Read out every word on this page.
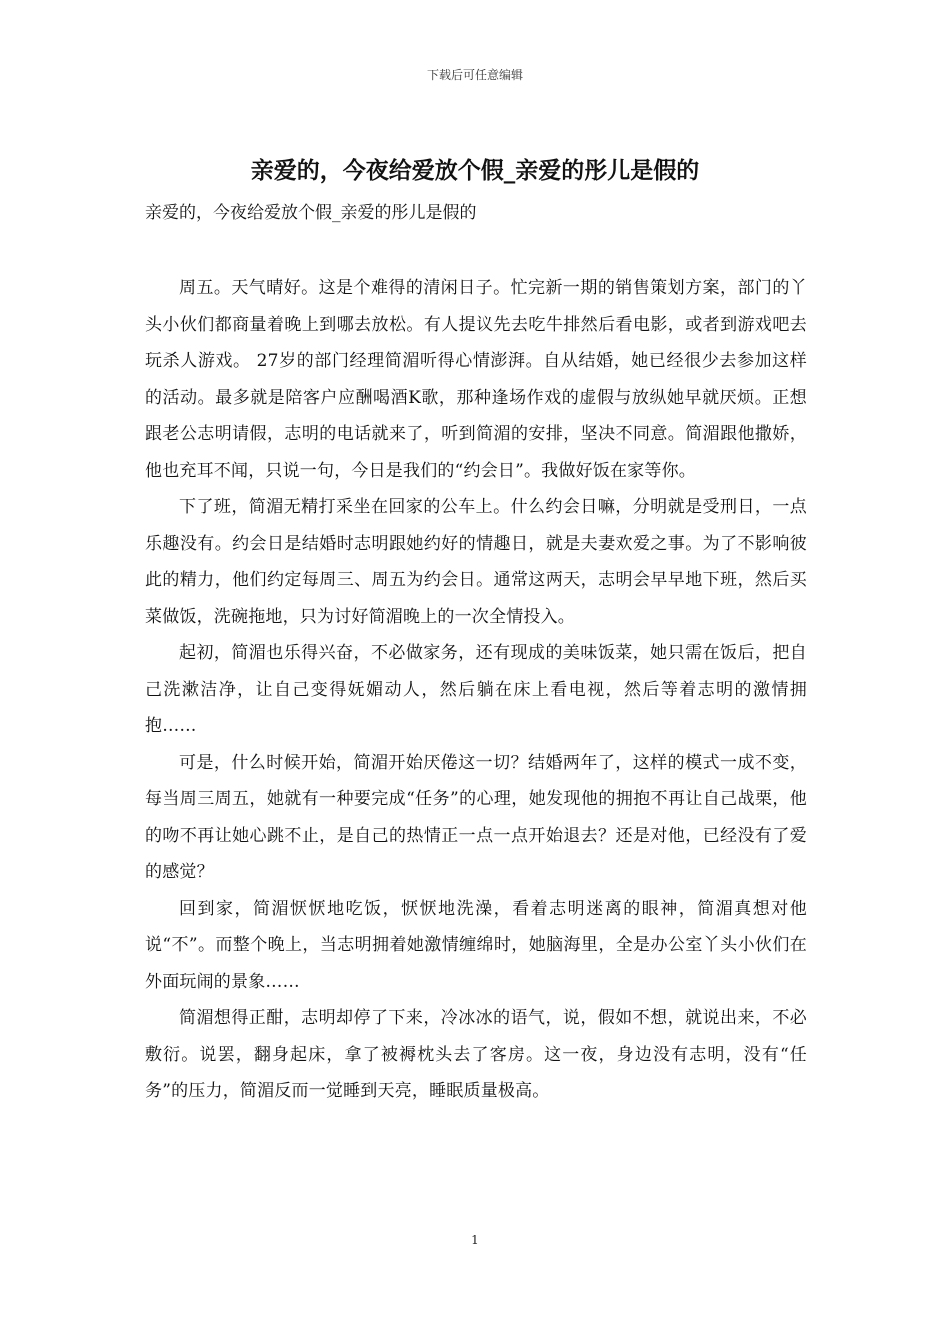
下载后可任意编辑
亲爱的，今夜给爱放个假_亲爱的彤儿是假的

亲爱的，今夜给爱放个假_亲爱的彤儿是假的

周五。天气晴好。这是个难得的清闲日子。忙完新一期的销售策划方案，部门的丫头小伙们都商量着晚上到哪去放松。有人提议先去吃牛排然后看电影，或者到游戏吧去玩杀人游戏。 27岁的部门经理简湄听得心情澎湃。自从结婚，她已经很少去参加这样的活动。最多就是陪客户应酬喝酒K歌，那种逢场作戏的虚假与放纵她早就厌烦。正想跟老公志明请假，志明的电话就来了，听到简湄的安排，坚决不同意。简湄跟他撒娇，他也充耳不闻，只说一句，今日是我们的“约会日”。我做好饭在家等你。

下了班，简湄无精打采坐在回家的公车上。什么约会日嘛，分明就是受刑日，一点乐趣没有。约会日是结婚时志明跟她约好的情趣日，就是夫妻欢爱之事。为了不影响彼此的精力，他们约定每周三、周五为约会日。通常这两天，志明会早早地下班，然后买菜做饭，洗碗拖地，只为讨好简湄晚上的一次全情投入。

起初，简湄也乐得兴奋，不必做家务，还有现成的美味饭菜，她只需在饭后，把自己洗漱洁净，让自己变得妩媚动人，然后躺在床上看电视，然后等着志明的激情拥抱……

可是，什么时候开始，简湄开始厌倦这一切？结婚两年了，这样的模式一成不变，每当周三周五，她就有一种要完成“任务”的心理，她发现他的拥抱不再让自己战栗，他的吻不再让她心跳不止，是自己的热情正一点一点开始退去？还是对他，已经没有了爱的感觉？

回到家，简湄恹恹地吃饭，恹恹地洗澡，看着志明迷离的眼神，简湄真想对他说“不”。而整个晚上，当志明拥着她激情缠绵时，她脑海里，全是办公室丫头小伙们在外面玩闹的景象……

简湄想得正酣，志明却停了下来，冷冰冰的语气，说，假如不想，就说出来，不必敷衍。说罢，翻身起床，拿了被褥枕头去了客房。这一夜，身边没有志明，没有“任务”的压力，简湄反而一觉睡到天亮，睡眠质量极高。

1
